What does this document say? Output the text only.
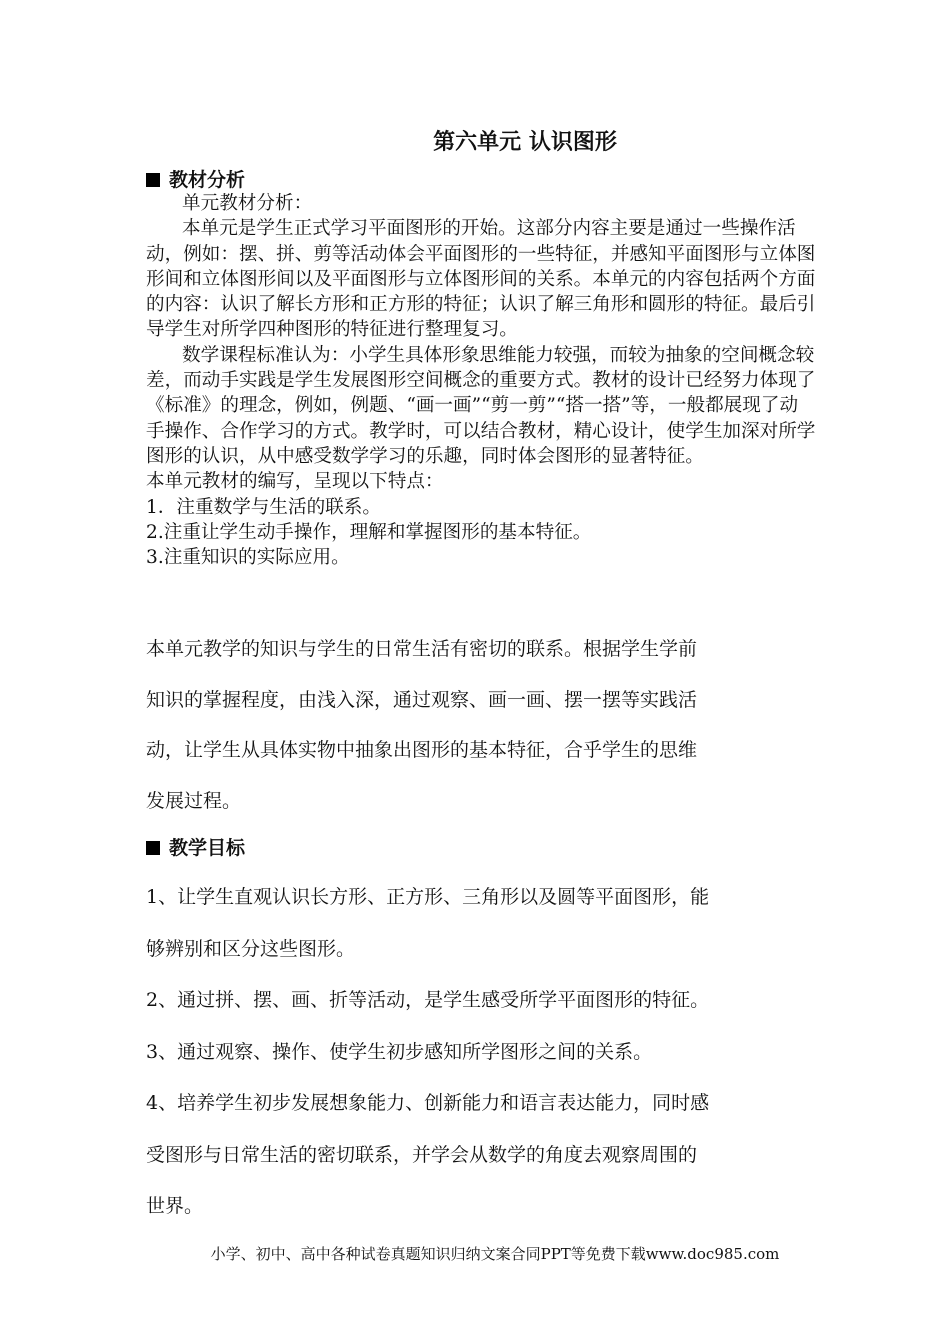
第六单元 认识图形
教材分析

单元教材分析：

本单元是学生正式学习平面图形的开始。这部分内容主要是通过一些操作活动，例如：摆、拼、剪等活动体会平面图形的一些特征，并感知平面图形与立体图形间和立体图形间以及平面图形与立体图形间的关系。本单元的内容包括两个方面的内容：认识了解长方形和正方形的特征；认识了解三角形和圆形的特征。最后引导学生对所学四种图形的特征进行整理复习。

数学课程标准认为：小学生具体形象思维能力较强，而较为抽象的空间概念较差，而动手实践是学生发展图形空间概念的重要方式。教材的设计已经努力体现了《标准》的理念，例如，例题、“画一画”“剪一剪”“搭一搭”等，一般都展现了动手操作、合作学习的方式。教学时，可以结合教材，精心设计，使学生加深对所学图形的认识，从中感受数学学习的乐趣，同时体会图形的显著特征。

本单元教材的编写，呈现以下特点：

1．注重数学与生活的联系。

2.注重让学生动手操作，理解和掌握图形的基本特征。

3.注重知识的实际应用。

本单元教学的知识与学生的日常生活有密切的联系。根据学生学前

知识的掌握程度，由浅入深，通过观察、画一画、摆一摆等实践活

动，让学生从具体实物中抽象出图形的基本特征，合乎学生的思维

发展过程。

教学目标

1、让学生直观认识长方形、正方形、三角形以及圆等平面图形，能

够辨别和区分这些图形。

2、通过拼、摆、画、折等活动，是学生感受所学平面图形的特征。

3、通过观察、操作、使学生初步感知所学图形之间的关系。

4、培养学生初步发展想象能力、创新能力和语言表达能力，同时感

受图形与日常生活的密切联系，并学会从数学的角度去观察周围的

世界。

小学、初中、高中各种试卷真题知识归纳文案合同PPT等免费下载www.doc985.com
